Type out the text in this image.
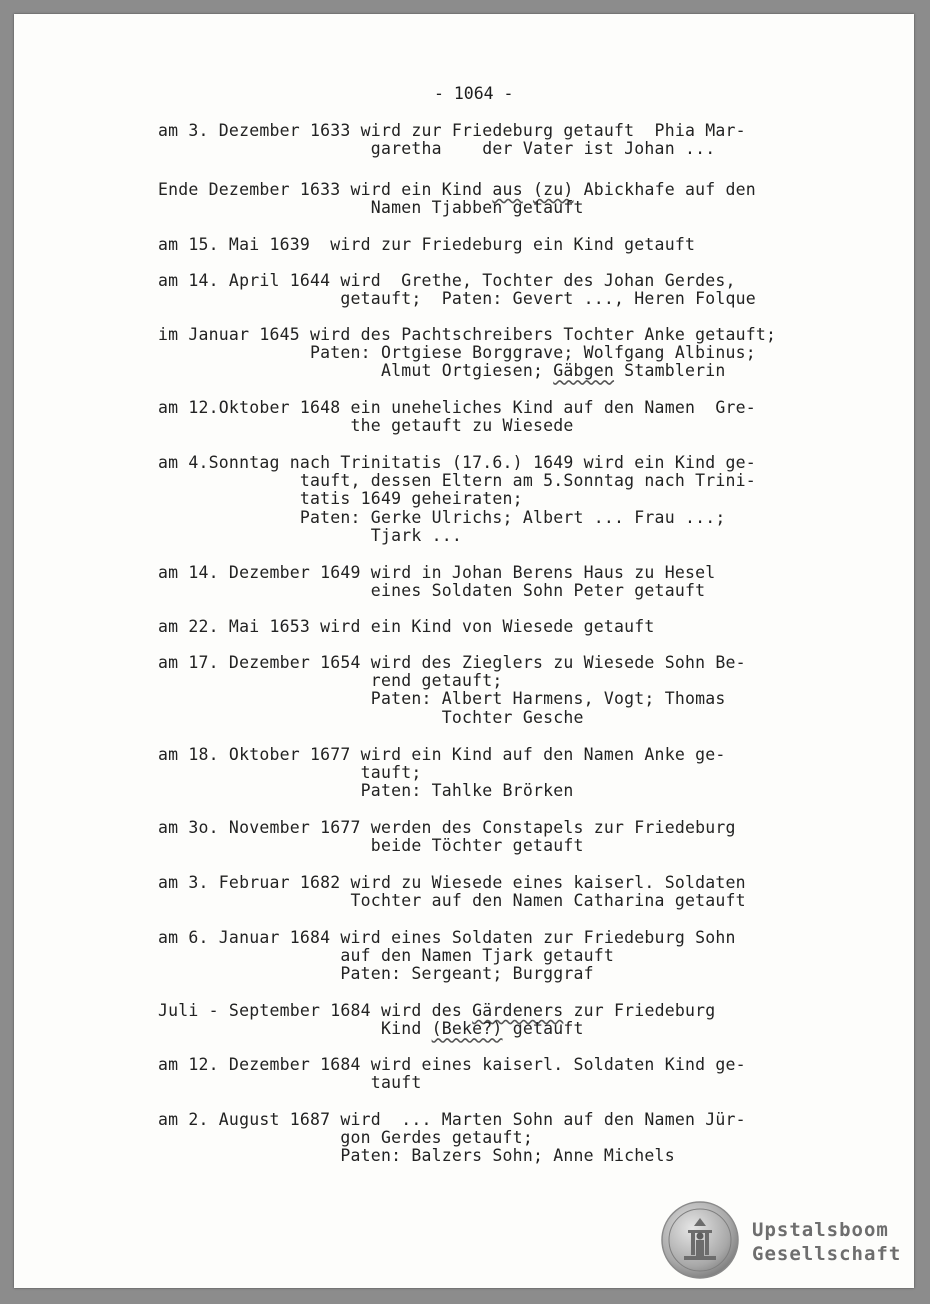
- 1064 -
am 3. Dezember 1633 wird zur Friedeburg getauft  Phia Mar-
garetha    der Vater ist Johan ...
Ende Dezember 1633 wird ein Kind aus (zu) Abickhafe auf den
Namen Tjabben getauft
am 15. Mai 1639  wird zur Friedeburg ein Kind getauft
am 14. April 1644 wird  Grethe, Tochter des Johan Gerdes,
getauft;  Paten: Gevert ..., Heren Folque
im Januar 1645 wird des Pachtschreibers Tochter Anke getauft;
Paten: Ortgiese Borggrave; Wolfgang Albinus;
Almut Ortgiesen; Gäbgen Stamblerin
am 12.Oktober 1648 ein uneheliches Kind auf den Namen  Gre-
the getauft zu Wiesede
am 4.Sonntag nach Trinitatis (17.6.) 1649 wird ein Kind ge-
tauft, dessen Eltern am 5.Sonntag nach Trini-
tatis 1649 geheiraten;
Paten: Gerke Ulrichs; Albert ... Frau ...;
Tjark ...
am 14. Dezember 1649 wird in Johan Berens Haus zu Hesel
eines Soldaten Sohn Peter getauft
am 22. Mai 1653 wird ein Kind von Wiesede getauft
am 17. Dezember 1654 wird des Zieglers zu Wiesede Sohn Be-
rend getauft;
Paten: Albert Harmens, Vogt; Thomas
Tochter Gesche
am 18. Oktober 1677 wird ein Kind auf den Namen Anke ge-
tauft;
Paten: Tahlke Brörken
am 3o. November 1677 werden des Constapels zur Friedeburg
beide Töchter getauft
am 3. Februar 1682 wird zu Wiesede eines kaiserl. Soldaten
Tochter auf den Namen Catharina getauft
am 6. Januar 1684 wird eines Soldaten zur Friedeburg Sohn
auf den Namen Tjark getauft
Paten: Sergeant; Burggraf
Juli - September 1684 wird des Gärdeners zur Friedeburg
Kind (Beke?) getauft
am 12. Dezember 1684 wird eines kaiserl. Soldaten Kind ge-
tauft
am 2. August 1687 wird  ... Marten Sohn auf den Namen Jür-
gon Gerdes getauft;
Paten: Balzers Sohn; Anne Michels
Upstalsboom
Gesellschaft
